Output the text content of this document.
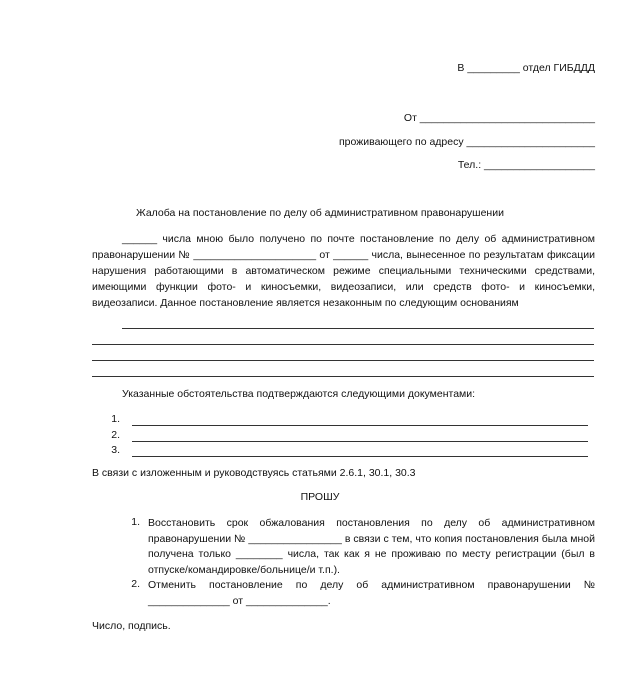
В _________ отдел ГИБДДД
От ______________________________
проживающего по адресу ______________________
Тел.: ___________________
Жалоба на постановление по делу об административном правонарушении
______ числа мною было получено по почте постановление по делу об административном правонарушении № _____________________ от ______ числа, вынесенное по результатам фиксации нарушения работающими в автоматическом режиме специальными техническими средствами, имеющими функции фото- и киносъемки, видеозаписи, или средств фото- и киносъемки, видеозаписи. Данное постановление является незаконным по следующим основаниям
Указанные обстоятельства подтверждаются следующими документами:
1.
2.
3.
В связи с изложенным и руководствуясь статьями 2.6.1, 30.1, 30.3
ПРОШУ
1. Восстановить срок обжалования постановления по делу об административном правонарушении № ________________ в связи с тем, что копия постановления была мной получена только ________ числа, так как я не проживаю по месту регистрации (был в отпуске/командировке/больнице/и т.п.).
2. Отменить постановление по делу об административном правонарушении № ______________ от ______________.
Число, подпись.
